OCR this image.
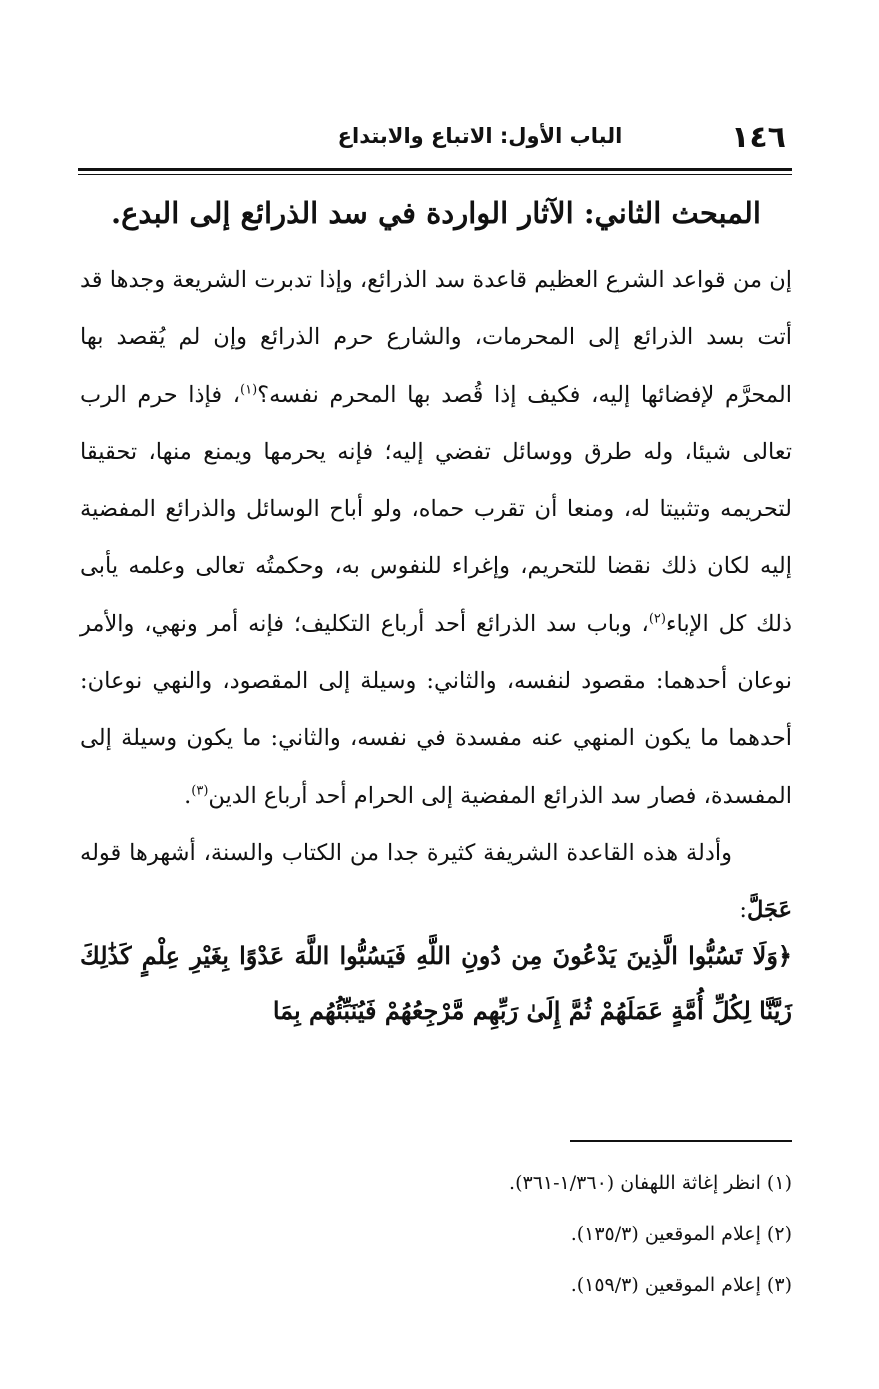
١٤٦
الباب الأول: الاتباع والابتداع
المبحث الثاني: الآثار الواردة في سد الذرائع إلى البدع.

إن من قواعد الشرع العظيم قاعدة سد الذرائع، وإذا تدبرت الشريعة وجدها قد أتت بسد الذرائع إلى المحرمات، والشارع حرم الذرائع وإن لم يُقصد بها المحرَّم لإفضائها إليه، فكيف إذا قُصد بها المحرم نفسه؟$^{(١)}$، فإذا حرم الرب تعالى شيئا، وله طرق ووسائل تفضي إليه؛ فإنه يحرمها ويمنع منها، تحقيقا لتحريمه وتثبيتا له، ومنعا أن تقرب حماه، ولو أباح الوسائل والذرائع المفضية إليه لكان ذلك نقضا للتحريم، وإغراء للنفوس به، وحكمتُه تعالى وعلمه يأبى ذلك كل الإباء$^{(٢)}$، وباب سد الذرائع أحد أرباع التكليف؛ فإنه أمر ونهي، والأمر نوعان أحدهما: مقصود لنفسه، والثاني: وسيلة إلى المقصود، والنهي نوعان: أحدهما ما يكون المنهي عنه مفسدة في نفسه، والثاني: ما يكون وسيلة إلى المفسدة، فصار سد الذرائع المفضية إلى الحرام أحد أرباع الدين$^{(٣)}$.

وأدلة هذه القاعدة الشريفة كثيرة جدا من الكتاب والسنة، أشهرها قوله عَجَلَّ:

﴿وَلَا تَسُبُّوا الَّذِينَ يَدْعُونَ مِن دُونِ اللَّهِ فَيَسُبُّوا اللَّهَ عَدْوًا بِغَيْرِ عِلْمٍ كَذَٰلِكَ زَيَّنَّا لِكُلِّ أُمَّةٍ عَمَلَهُمْ ثُمَّ إِلَىٰ رَبِّهِم مَّرْجِعُهُمْ فَيُنَبِّئُهُم بِمَا
(١) انظر إغاثة اللهفان (١/٣٦٠-٣٦١).
(٢) إعلام الموقعين (١٣٥/٣).
(٣) إعلام الموقعين (١٥٩/٣).
